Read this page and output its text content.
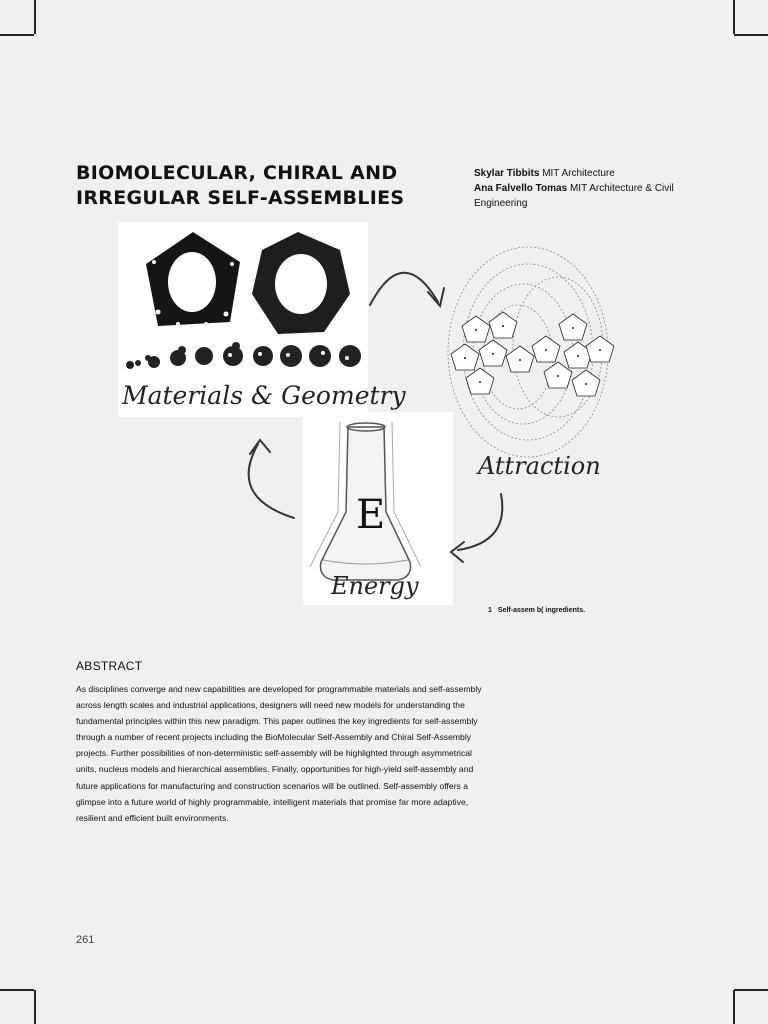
BIOMOLECULAR, CHIRAL AND IRREGULAR SELF-ASSEMBLIES
Skylar Tibbits MIT Architecture
Ana Falvello Tomas MIT Architecture & Civil Engineering
Materials & Geometry
Attraction
E
Energy
1 Self-assem b( ingredients.
ABSTRACT

As disciplines converge and new capabilities are developed for programmable materials and self-assembly across length scales and industrial applications, designers will need new models for understanding the fundamental principles within this new paradigm. This paper outlines the key ingredients for self-assembly through a number of recent projects including the BioMolecular Self-Assembly and Chiral Self-Assembly projects. Further possibilities of non-deterministic self-assembly will be highlighted through asymmetrical units, nucleus models and hierarchical assemblies. Finally, opportunities for high-yield self-assembly and future applications for manufacturing and construction scenarios will be outlined. Self-assembly offers a glimpse into a future world of highly programmable, intelligent materials that promise far more adaptive, resilient and efficient built environments.

261
